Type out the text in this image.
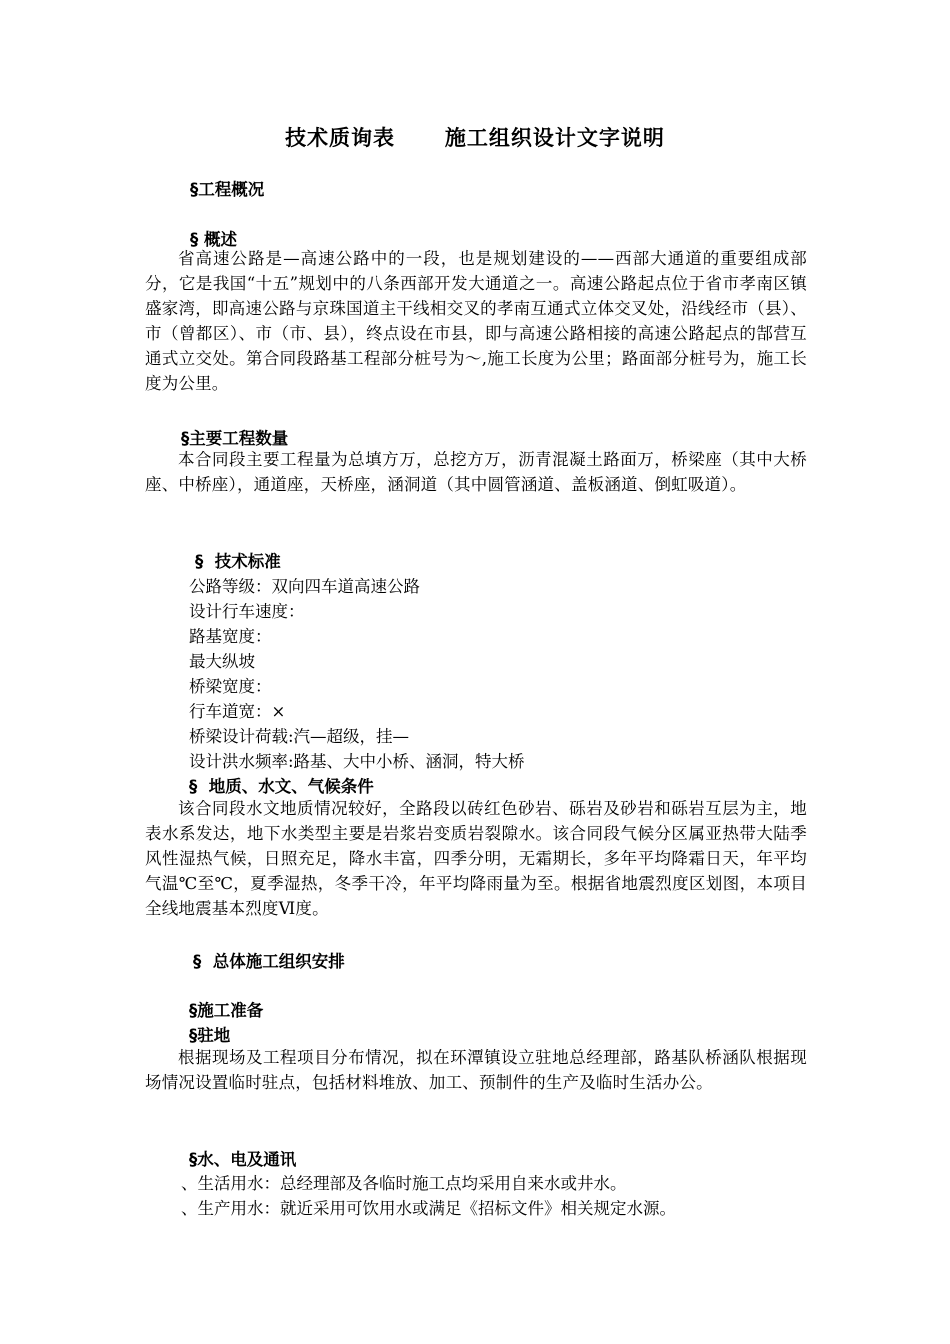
技术质询表      施工组织设计文字说明
§工程概况
§ 概述
省高速公路是—高速公路中的一段，也是规划建设的——西部大通道的重要组成部分，它是我国“十五”规划中的八条西部开发大通道之一。高速公路起点位于省市孝南区镇盛家湾，即高速公路与京珠国道主干线相交叉的孝南互通式立体交叉处，沿线经市（县）、市（曾都区）、市（市、县），终点设在市县，即与高速公路相接的高速公路起点的郜营互通式立交处。第合同段路基工程部分桩号为～,施工长度为公里；路面部分桩号为，施工长度为公里。
§主要工程数量
本合同段主要工程量为总填方万，总挖方万，沥青混凝土路面万，桥梁座（其中大桥座、中桥座），通道座，天桥座，涵洞道（其中圆管涵道、盖板涵道、倒虹吸道）。
§  技术标准
公路等级：双向四车道高速公路
设计行车速度：
路基宽度：
最大纵坡
桥梁宽度：
行车道宽：×
桥梁设计荷载:汽—超级，挂—
设计洪水频率:路基、大中小桥、涵洞，特大桥
§  地质、水文、气候条件
该合同段水文地质情况较好，全路段以砖红色砂岩、砾岩及砂岩和砾岩互层为主，地表水系发达，地下水类型主要是岩浆岩变质岩裂隙水。该合同段气候分区属亚热带大陆季风性湿热气候，日照充足，降水丰富，四季分明，无霜期长，多年平均降霜日天，年平均气温℃至℃，夏季湿热，冬季干冷，年平均降雨量为至。根据省地震烈度区划图，本项目全线地震基本烈度Ⅵ度。
§  总体施工组织安排
§施工准备
§驻地
根据现场及工程项目分布情况，拟在环潭镇设立驻地总经理部，路基队桥涵队根据现场情况设置临时驻点，包括材料堆放、加工、预制件的生产及临时生活办公。
§水、电及通讯
、生活用水：总经理部及各临时施工点均采用自来水或井水。
、生产用水：就近采用可饮用水或满足《招标文件》相关规定水源。
